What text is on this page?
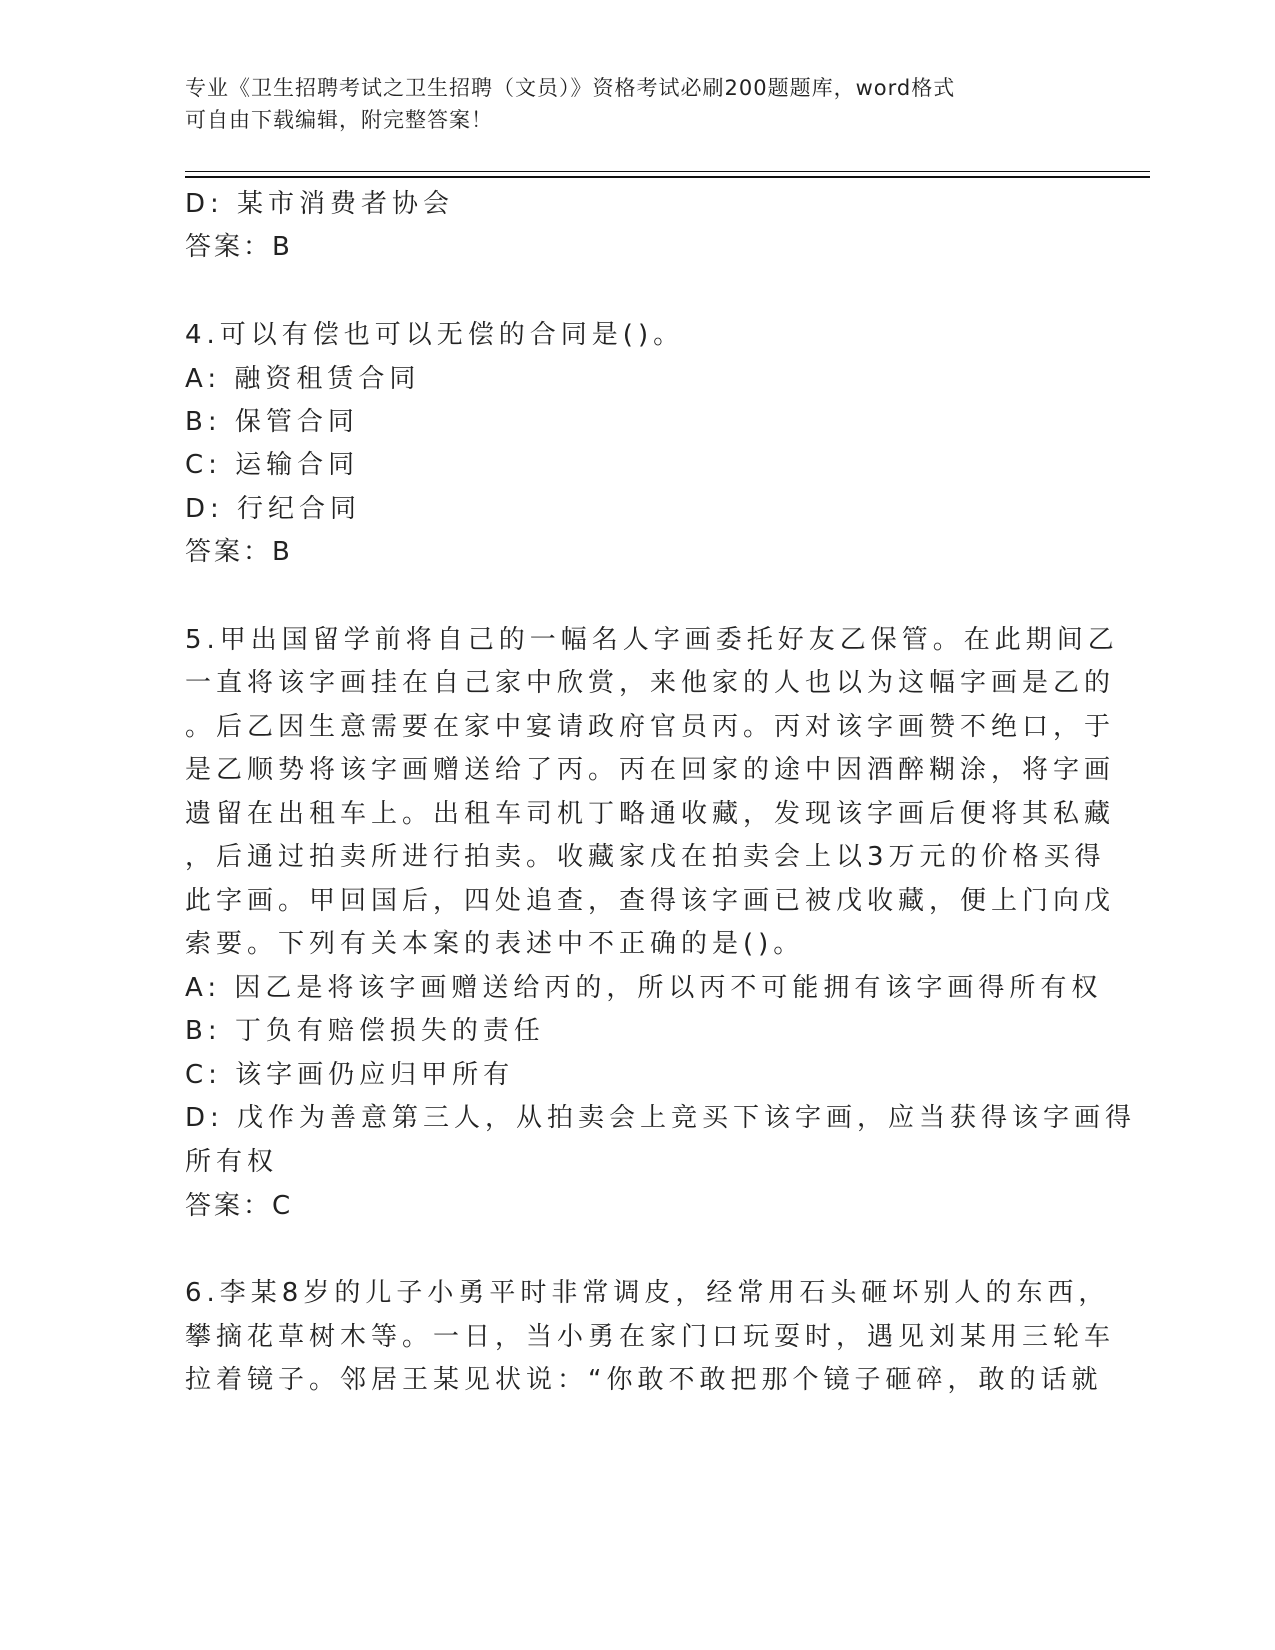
专业《卫生招聘考试之卫生招聘（文员）》资格考试必刷200题题库，word格式
可自由下载编辑，附完整答案！
D: 某市消费者协会
答案：B
4.可以有偿也可以无偿的合同是()。
A: 融资租赁合同
B: 保管合同
C: 运输合同
D: 行纪合同
答案：B
5.甲出国留学前将自己的一幅名人字画委托好友乙保管。在此期间乙
一直将该字画挂在自己家中欣赏，来他家的人也以为这幅字画是乙的
。后乙因生意需要在家中宴请政府官员丙。丙对该字画赞不绝口，于
是乙顺势将该字画赠送给了丙。丙在回家的途中因酒醉糊涂，将字画
遗留在出租车上。出租车司机丁略通收藏，发现该字画后便将其私藏
，后通过拍卖所进行拍卖。收藏家戊在拍卖会上以3万元的价格买得
此字画。甲回国后，四处追查，查得该字画已被戊收藏，便上门向戊
索要。下列有关本案的表述中不正确的是()。
A: 因乙是将该字画赠送给丙的，所以丙不可能拥有该字画得所有权
B: 丁负有赔偿损失的责任
C: 该字画仍应归甲所有
D: 戊作为善意第三人，从拍卖会上竞买下该字画，应当获得该字画得
所有权
答案：C
6.李某8岁的儿子小勇平时非常调皮，经常用石头砸坏别人的东西，
攀摘花草树木等。一日，当小勇在家门口玩耍时，遇见刘某用三轮车
拉着镜子。邻居王某见状说：“你敢不敢把那个镜子砸碎，敢的话就
